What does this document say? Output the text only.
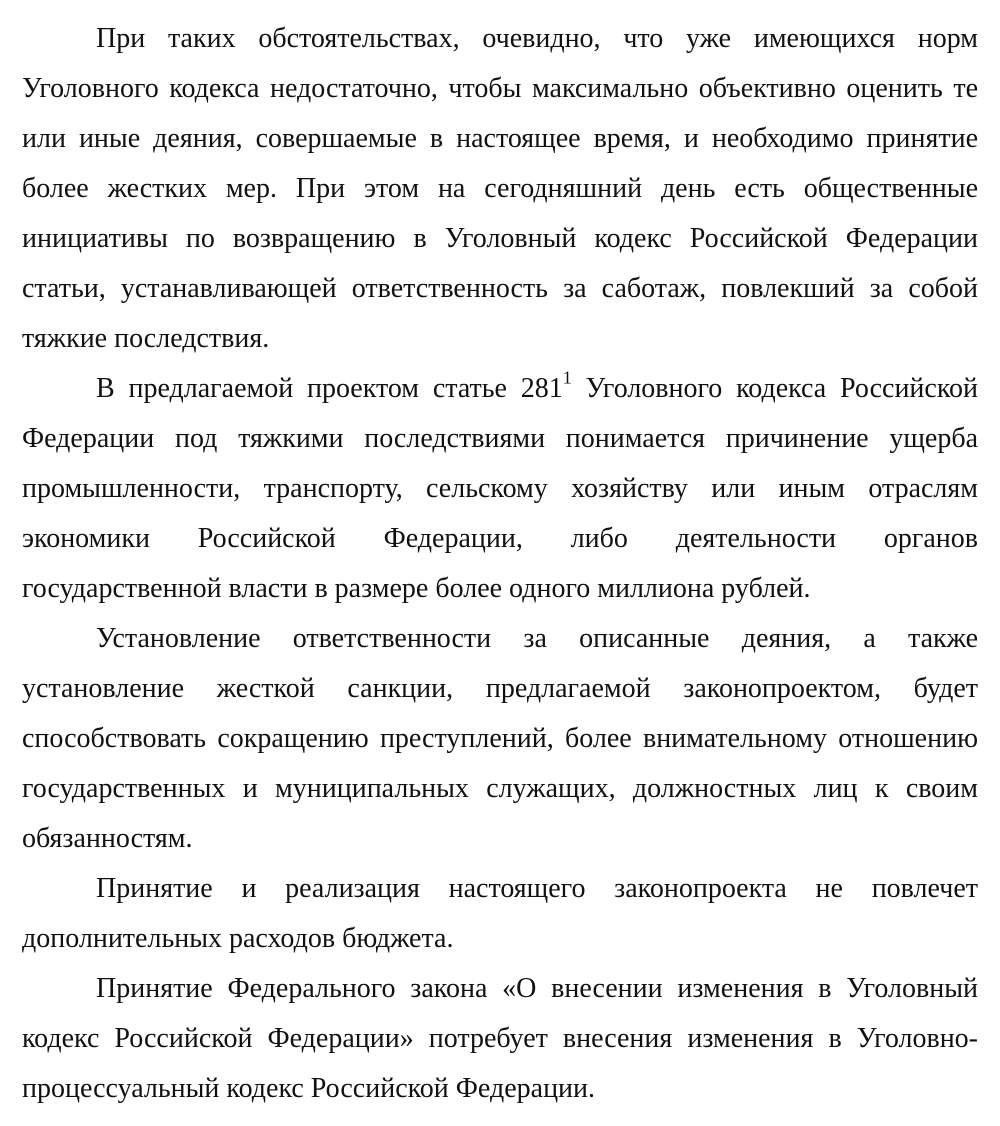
При таких обстоятельствах, очевидно, что уже имеющихся норм Уголовного кодекса недостаточно, чтобы максимально объективно оценить те или иные деяния, совершаемые в настоящее время, и необходимо принятие более жестких мер. При этом на сегодняшний день есть общественные инициативы по возвращению в Уголовный кодекс Российской Федерации статьи, устанавливающей ответственность за саботаж, повлекший за собой тяжкие последствия.

В предлагаемой проектом статье $281^1$ Уголовного кодекса Российской Федерации под тяжкими последствиями понимается причинение ущерба промышленности, транспорту, сельскому хозяйству или иным отраслям экономики Российской Федерации, либо деятельности органов государственной власти в размере более одного миллиона рублей.

Установление ответственности за описанные деяния, а также установление жесткой санкции, предлагаемой законопроектом, будет способствовать сокращению преступлений, более внимательному отношению государственных и муниципальных служащих, должностных лиц к своим обязанностям.

Принятие и реализация настоящего законопроекта не повлечет дополнительных расходов бюджета.

Принятие Федерального закона «О внесении изменения в Уголовный кодекс Российской Федерации» потребует внесения изменения в Уголовно-процессуальный кодекс Российской Федерации.
